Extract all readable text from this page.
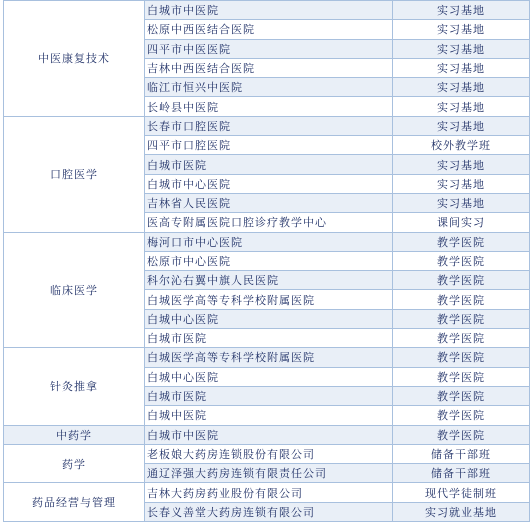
中医康复技术	白城市中医院	实习基地
	松原中西医结合医院	实习基地
	四平市中医医院	实习基地
	吉林中西医结合医院	实习基地
	临江市恒兴中医院	实习基地
	长岭县中医院	实习基地
口腔医学	长春市口腔医院	实习基地
	四平市口腔医院	校外教学班
	白城市医院	实习基地
	白城市中心医院	实习基地
	吉林省人民医院	实习基地
	医高专附属医院口腔诊疗教学中心	课间实习
临床医学	梅河口市中心医院	教学医院
	松原市中心医院	教学医院
	科尔沁右翼中旗人民医院	教学医院
	白城医学高等专科学校附属医院	教学医院
	白城中心医院	教学医院
	白城市医院	教学医院
针灸推拿	白城医学高等专科学校附属医院	教学医院
	白城中心医院	教学医院
	白城市医院	教学医院
	白城中医院	教学医院
中药学	白城市中医院	教学医院
药学	老板娘大药房连锁股份有限公司	储备干部班
	通辽泽强大药房连锁有限责任公司	储备干部班
药品经营与管理	吉林大药房药业股份有限公司	现代学徒制班
	长春义善堂大药房连锁有限公司	实习就业基地
